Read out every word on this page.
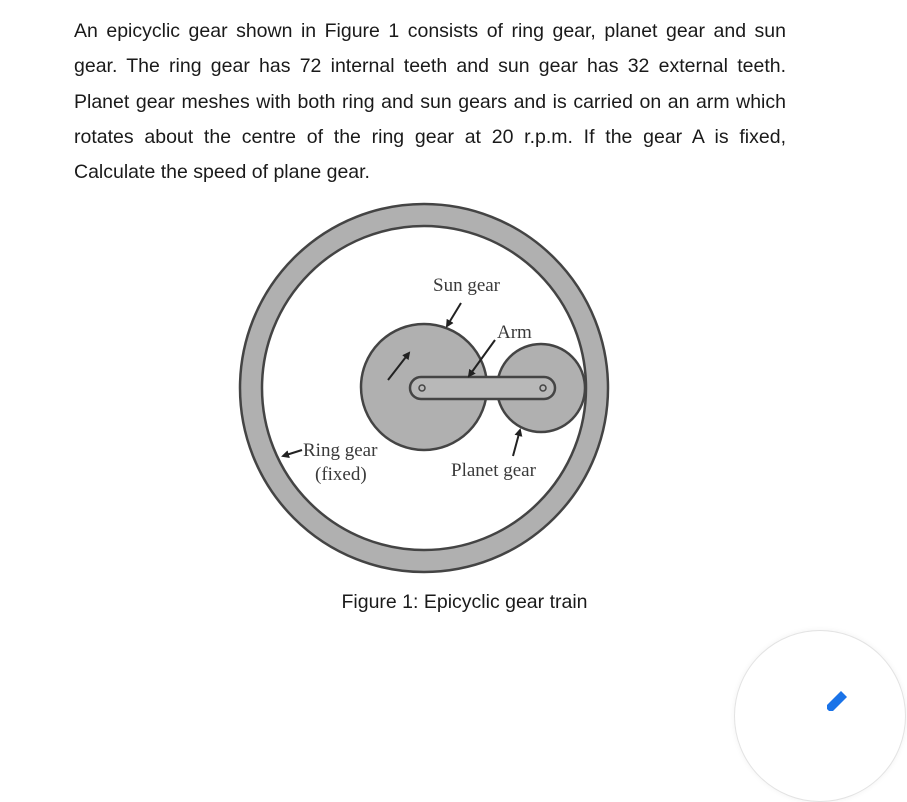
An epicyclic gear shown in Figure 1 consists of ring gear, planet gear and sun gear. The ring gear has 72 internal teeth and sun gear has 32 external teeth. Planet gear meshes with both ring and sun gears and is carried on an arm which rotates about the centre of the ring gear at 20 r.p.m. If the gear A is fixed, Calculate the speed of plane gear.

Sun gear
Arm
Ring gear
(fixed)	Planet gear

Figure 1: Epicyclic gear train
